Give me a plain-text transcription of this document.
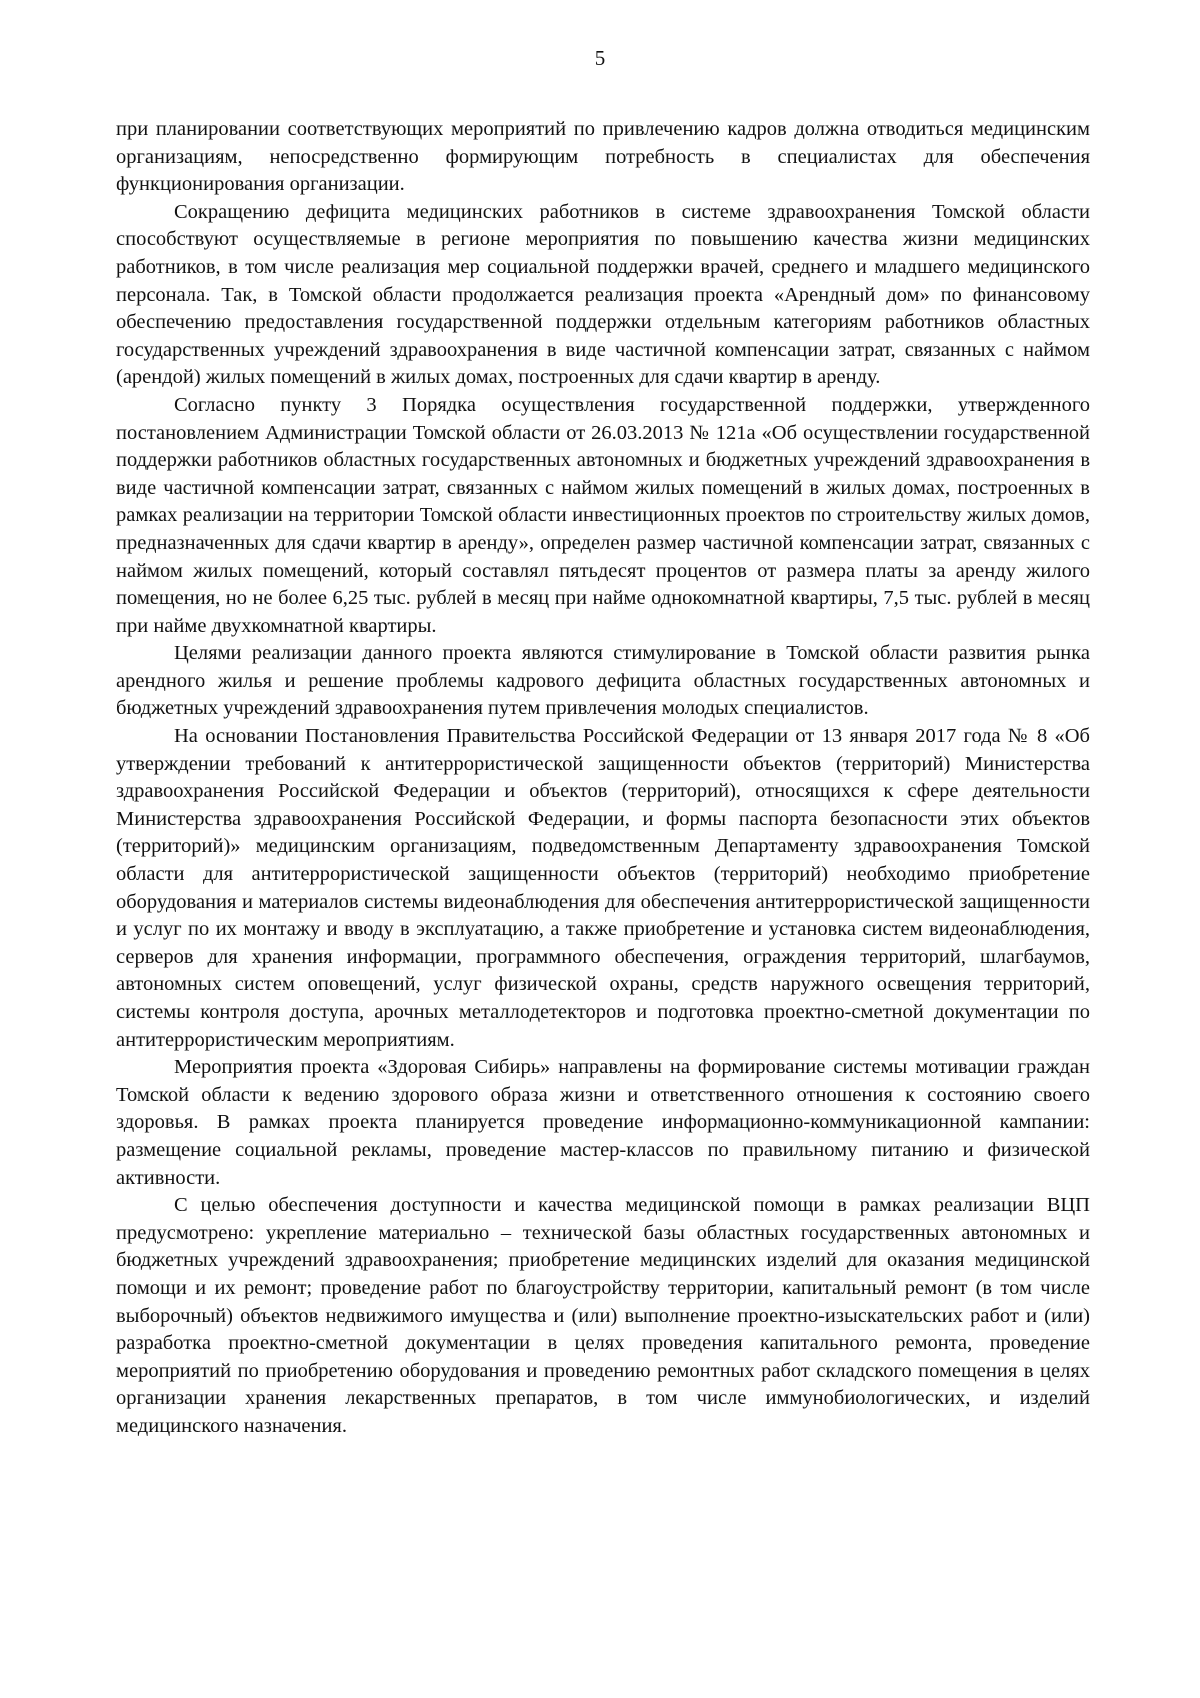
5

при планировании соответствующих мероприятий по привлечению кадров должна отводиться медицинским организациям, непосредственно формирующим потребность в специалистах для обеспечения функционирования организации.

Сокращению дефицита медицинских работников в системе здравоохранения Томской области способствуют осуществляемые в регионе мероприятия по повышению качества жизни медицинских работников, в том числе реализация мер социальной поддержки врачей, среднего и младшего медицинского персонала. Так, в Томской области продолжается реализация проекта «Арендный дом» по финансовому обеспечению предоставления государственной поддержки отдельным категориям работников областных государственных учреждений здравоохранения в виде частичной компенсации затрат, связанных с наймом (арендой) жилых помещений в жилых домах, построенных для сдачи квартир в аренду.

Согласно пункту 3 Порядка осуществления государственной поддержки, утвержденного постановлением Администрации Томской области от 26.03.2013 № 121а «Об осуществлении государственной поддержки работников областных государственных автономных и бюджетных учреждений здравоохранения в виде частичной компенсации затрат, связанных с наймом жилых помещений в жилых домах, построенных в рамках реализации на территории Томской области инвестиционных проектов по строительству жилых домов, предназначенных для сдачи квартир в аренду», определен размер частичной компенсации затрат, связанных с наймом жилых помещений, который составлял пятьдесят процентов от размера платы за аренду жилого помещения, но не более 6,25 тыс. рублей в месяц при найме однокомнатной квартиры, 7,5 тыс. рублей в месяц при найме двухкомнатной квартиры.

Целями реализации данного проекта являются стимулирование в Томской области развития рынка арендного жилья и решение проблемы кадрового дефицита областных государственных автономных и бюджетных учреждений здравоохранения путем привлечения молодых специалистов.

На основании Постановления Правительства Российской Федерации от 13 января 2017 года № 8 «Об утверждении требований к антитеррористической защищенности объектов (территорий) Министерства здравоохранения Российской Федерации и объектов (территорий), относящихся к сфере деятельности Министерства здравоохранения Российской Федерации, и формы паспорта безопасности этих объектов (территорий)» медицинским организациям, подведомственным Департаменту здравоохранения Томской области для антитеррористической защищенности объектов (территорий) необходимо приобретение оборудования и материалов системы видеонаблюдения для обеспечения антитеррористической защищенности и услуг по их монтажу и вводу в эксплуатацию, а также приобретение и установка систем видеонаблюдения, серверов для хранения информации, программного обеспечения, ограждения территорий, шлагбаумов, автономных систем оповещений, услуг физической охраны, средств наружного освещения территорий, системы контроля доступа, арочных металлодетекторов и подготовка проектно-сметной документации по антитеррористическим мероприятиям.

Мероприятия проекта «Здоровая Сибирь» направлены на формирование системы мотивации граждан Томской области к ведению здорового образа жизни и ответственного отношения к состоянию своего здоровья. В рамках проекта планируется проведение информационно-коммуникационной кампании: размещение социальной рекламы, проведение мастер-классов по правильному питанию и физической активности.

С целью обеспечения доступности и качества медицинской помощи в рамках реализации ВЦП предусмотрено: укрепление материально – технической базы областных государственных автономных и бюджетных учреждений здравоохранения; приобретение медицинских изделий для оказания медицинской помощи и их ремонт; проведение работ по благоустройству территории, капитальный ремонт (в том числе выборочный) объектов недвижимого имущества и (или) выполнение проектно-изыскательских работ и (или) разработка проектно-сметной документации в целях проведения капитального ремонта, проведение мероприятий по приобретению оборудования и проведению ремонтных работ складского помещения в целях организации хранения лекарственных препаратов, в том числе иммунобиологических, и изделий медицинского назначения.
